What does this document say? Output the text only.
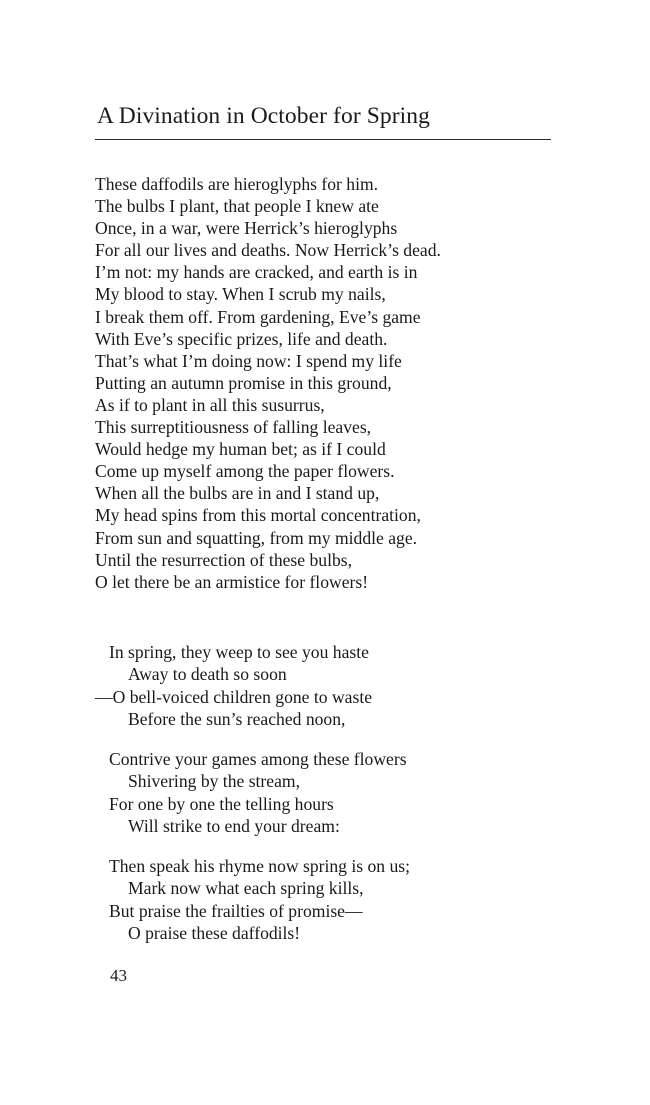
A Divination in October for Spring
These daffodils are hieroglyphs for him.
The bulbs I plant, that people I knew ate
Once, in a war, were Herrick’s hieroglyphs
For all our lives and deaths. Now Herrick’s dead.
I’m not: my hands are cracked, and earth is in
My blood to stay. When I scrub my nails,
I break them off. From gardening, Eve’s game
With Eve’s specific prizes, life and death.
That’s what I’m doing now: I spend my life
Putting an autumn promise in this ground,
As if to plant in all this susurrus,
This surreptitiousness of falling leaves,
Would hedge my human bet; as if I could
Come up myself among the paper flowers.
When all the bulbs are in and I stand up,
My head spins from this mortal concentration,
From sun and squatting, from my middle age.
Until the resurrection of these bulbs,
O let there be an armistice for flowers!
In spring, they weep to see you haste
Away to death so soon
—O bell-voiced children gone to waste
Before the sun’s reached noon,
Contrive your games among these flowers
Shivering by the stream,
For one by one the telling hours
Will strike to end your dream:
Then speak his rhyme now spring is on us;
Mark now what each spring kills,
But praise the frailties of promise—
O praise these daffodils!
43
